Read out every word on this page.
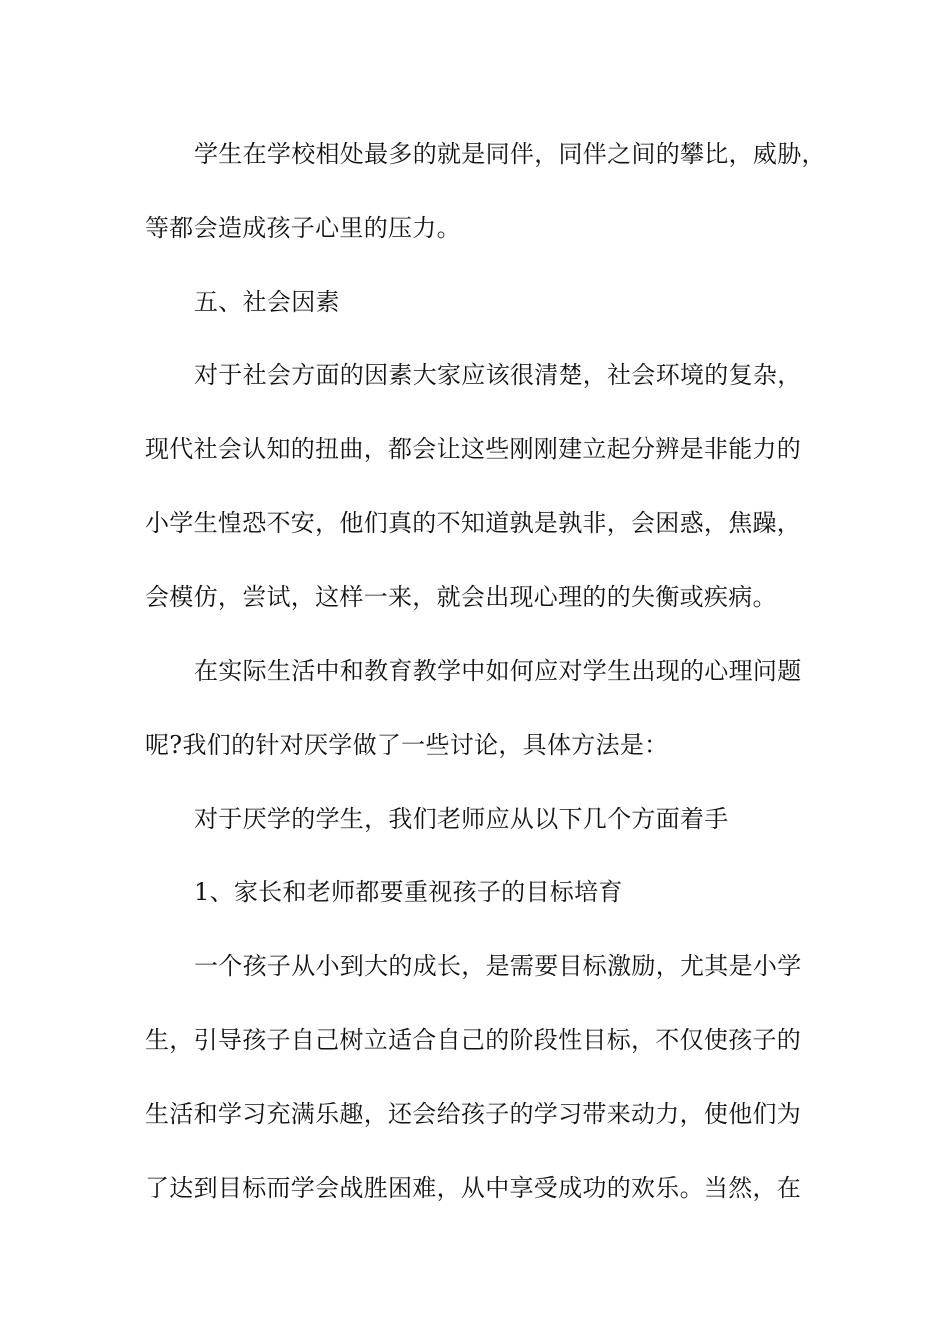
学生在学校相处最多的就是同伴，同伴之间的攀比，威胁，
等都会造成孩子心里的压力。
五、社会因素
对于社会方面的因素大家应该很清楚，社会环境的复杂，
现代社会认知的扭曲，都会让这些刚刚建立起分辨是非能力的
小学生惶恐不安，他们真的不知道孰是孰非，会困惑，焦躁，
会模仿，尝试，这样一来，就会出现心理的的失衡或疾病。
在实际生活中和教育教学中如何应对学生出现的心理问题
呢?我们的针对厌学做了一些讨论，具体方法是：
对于厌学的学生，我们老师应从以下几个方面着手
1、家长和老师都要重视孩子的目标培育
一个孩子从小到大的成长，是需要目标激励，尤其是小学
生，引导孩子自己树立适合自己的阶段性目标，不仅使孩子的
生活和学习充满乐趣，还会给孩子的学习带来动力，使他们为
了达到目标而学会战胜困难，从中享受成功的欢乐。当然，在
